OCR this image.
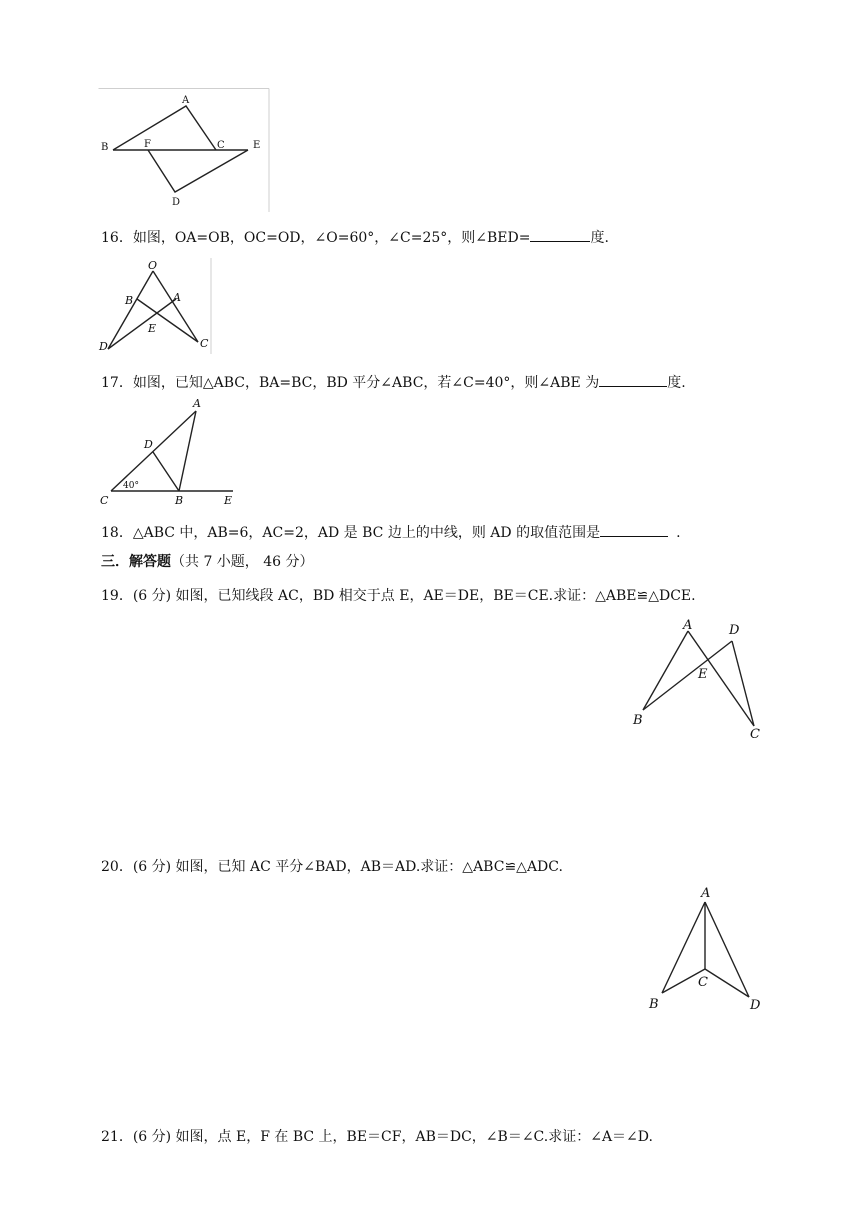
A
B	F	C	E
D
16．如图，OA=OB，OC=OD，∠O=60°，∠C=25°，则∠BED=	度.
O
B	A
E
D	C
17．如图，已知△ABC，BA=BC，BD 平分∠ABC，若∠C=40°，则∠ABE 为	度.
A
D
C	B	E
40°
18．△ABC 中，AB=6，AC=2，AD 是 BC 边上的中线，则 AD 的取值范围是	.
三．解答题（共 7 小题， 46 分）
19．(6 分) 如图，已知线段 AC，BD 相交于点 E，AE＝DE，BE＝CE.求证：△ABE≌△DCE.
A	D
E
B
C
20．(6 分) 如图，已知 AC 平分∠BAD，AB＝AD.求证：△ABC≌△ADC.
A
C
B	D
21．(6 分) 如图，点 E，F 在 BC 上，BE＝CF，AB＝DC，∠B＝∠C.求证：∠A＝∠D.
